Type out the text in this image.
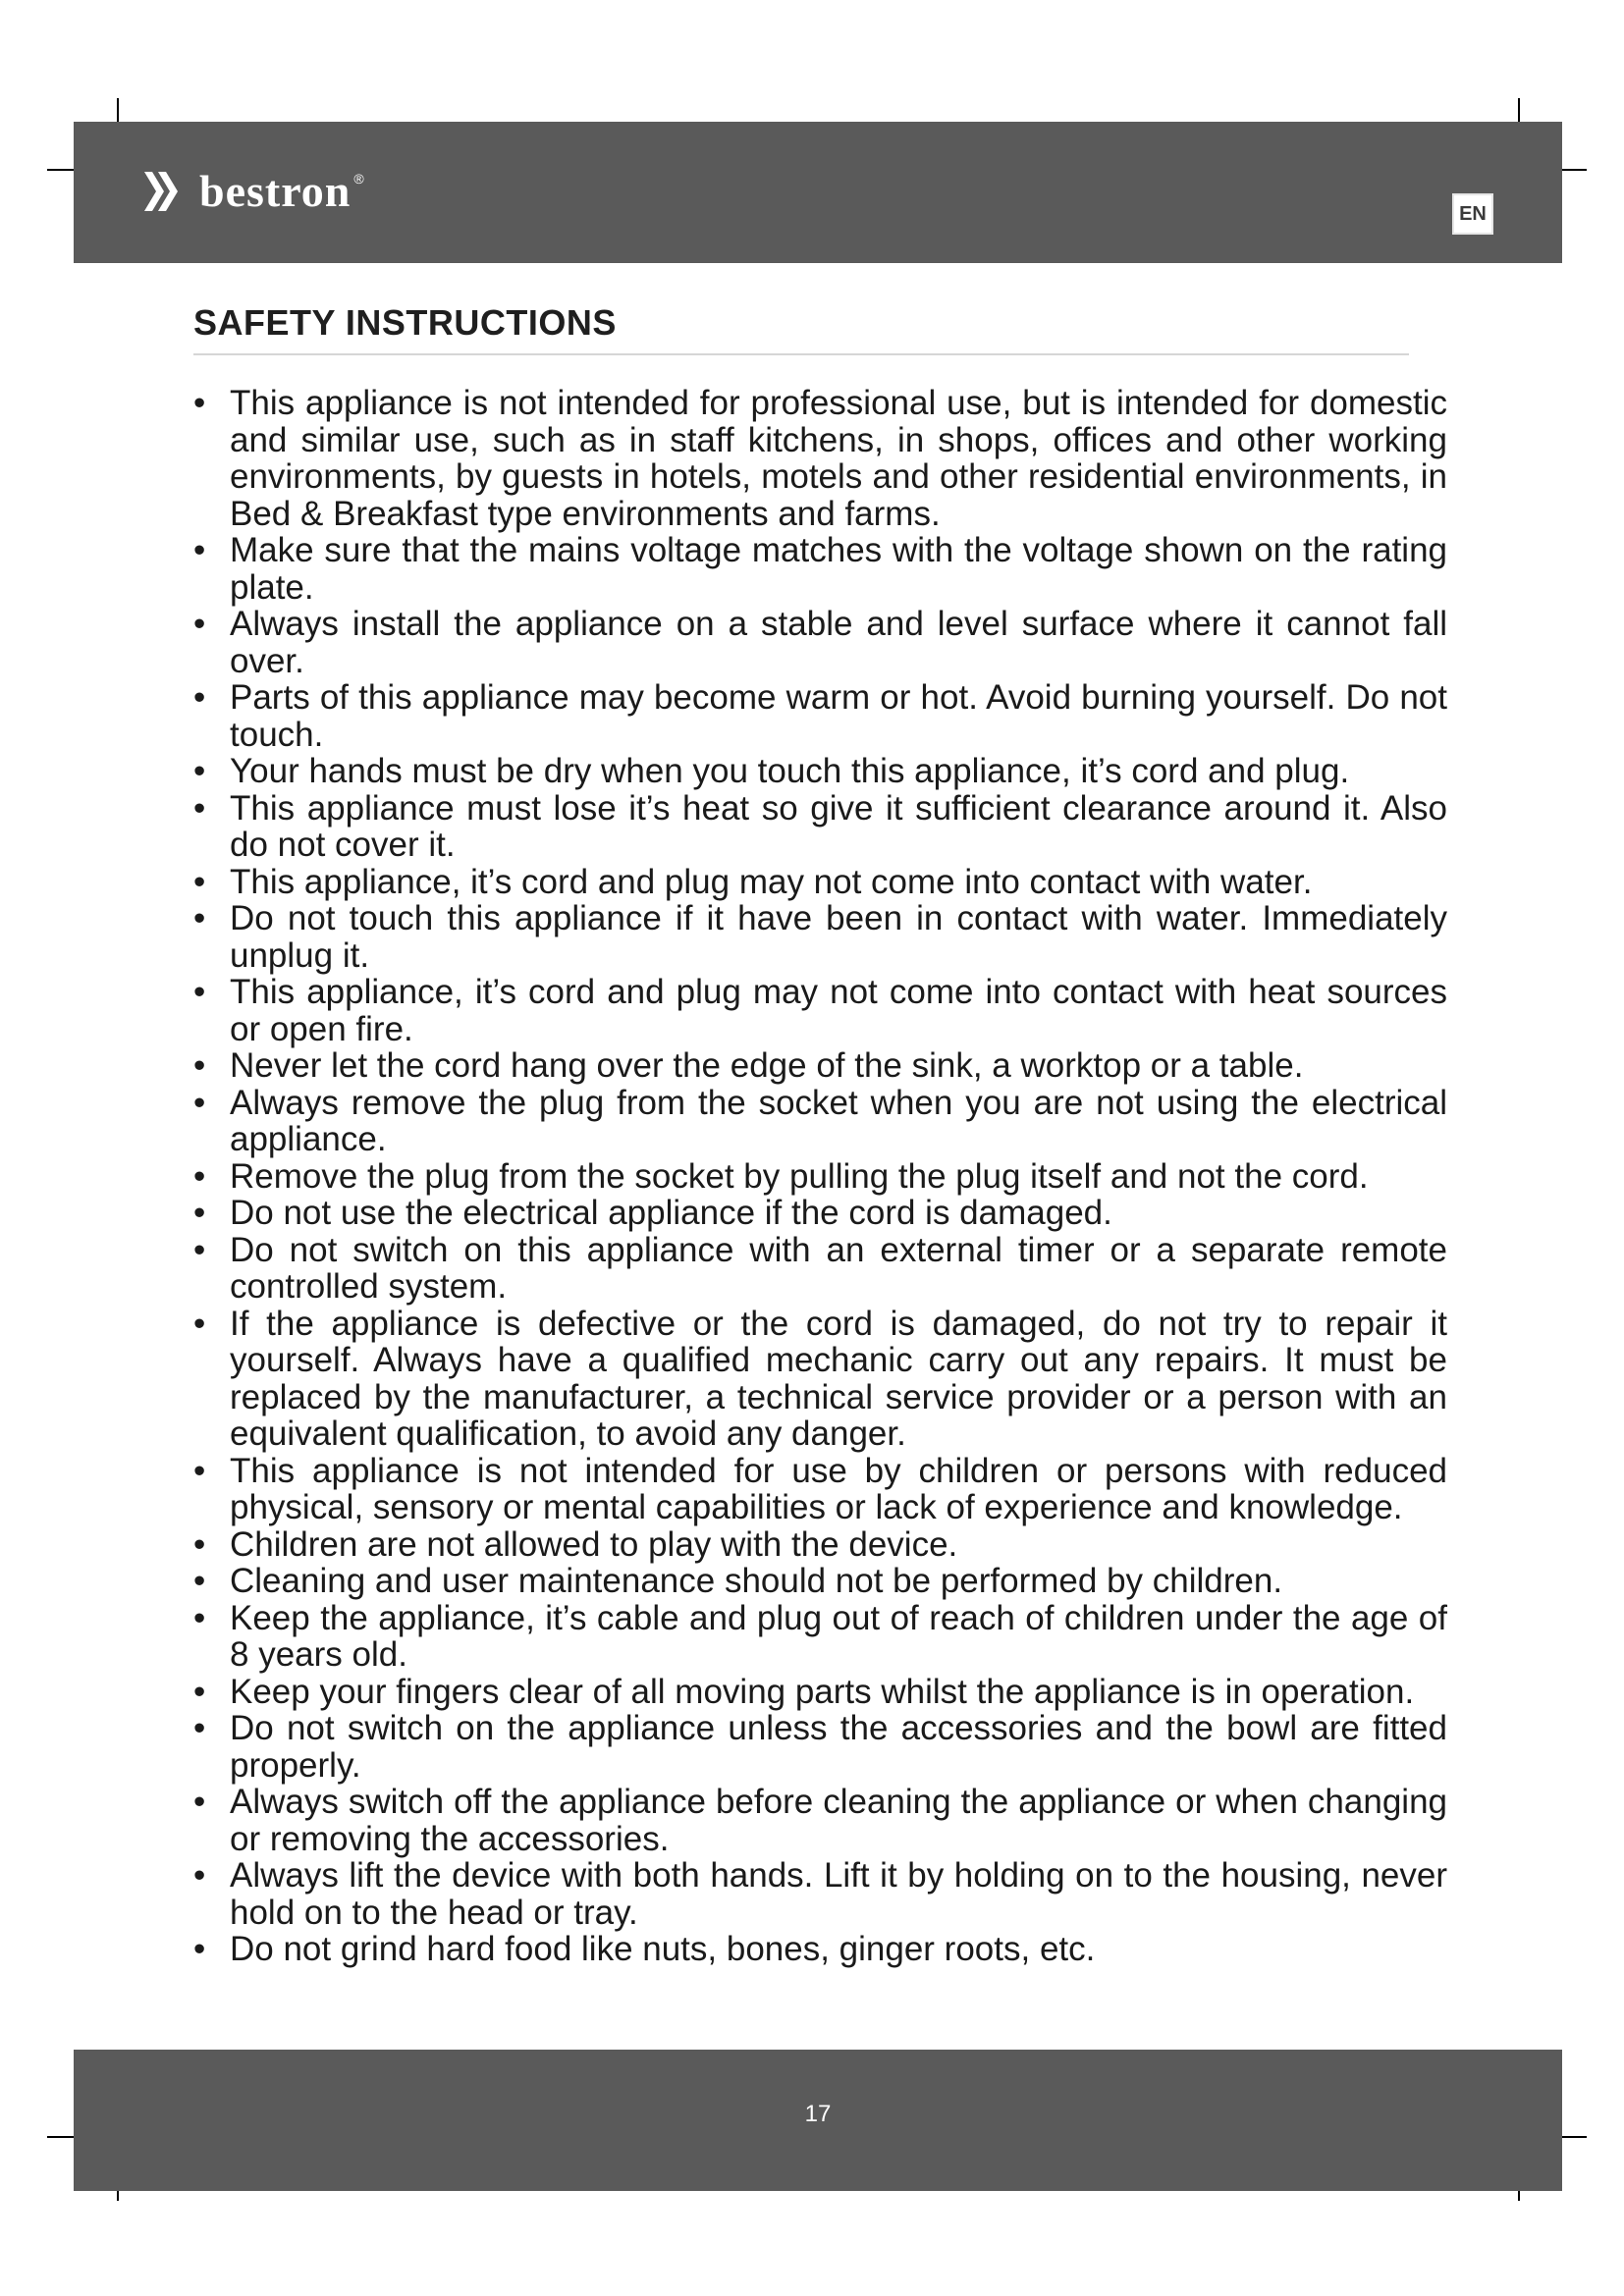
bestron ®
EN
SAFETY INSTRUCTIONS
• This appliance is not intended for professional use, but is intended for domestic and similar use, such as in staff kitchens, in shops, offices and other working environments, by guests in hotels, motels and other residential environments, in Bed & Breakfast type environments and farms.
• Make sure that the mains voltage matches with the voltage shown on the rating plate.
• Always install the appliance on a stable and level surface where it cannot fall over.
• Parts of this appliance may become warm or hot. Avoid burning yourself. Do not touch.
• Your hands must be dry when you touch this appliance, it’s cord and plug.
• This appliance must lose it’s heat so give it sufficient clearance around it. Also do not cover it.
• This appliance, it’s cord and plug may not come into contact with water.
• Do not touch this appliance if it have been in contact with water. Immediately unplug it.
• This appliance, it’s cord and plug may not come into contact with heat sources or open fire.
• Never let the cord hang over the edge of the sink, a worktop or a table.
• Always remove the plug from the socket when you are not using the electrical appliance.
• Remove the plug from the socket by pulling the plug itself and not the cord.
• Do not use the electrical appliance if the cord is damaged.
• Do not switch on this appliance with an external timer or a separate remote controlled system.
• If the appliance is defective or the cord is damaged, do not try to repair it yourself. Always have a qualified mechanic carry out any repairs. It must be replaced by the manufacturer, a technical service provider or a person with an equivalent qualification, to avoid any danger.
• This appliance is not intended for use by children or persons with reduced physical, sensory or mental capabilities or lack of experience and knowledge.
• Children are not allowed to play with the device.
• Cleaning and user maintenance should not be performed by children.
• Keep the appliance, it’s cable and plug out of reach of children under the age of 8 years old.
• Keep your fingers clear of all moving parts whilst the appliance is in operation.
• Do not switch on the appliance unless the accessories and the bowl are fitted properly.
• Always switch off the appliance before cleaning the appliance or when changing or removing the accessories.
• Always lift the device with both hands. Lift it by holding on to the housing, never hold on to the head or tray.
• Do not grind hard food like nuts, bones, ginger roots, etc.
17
